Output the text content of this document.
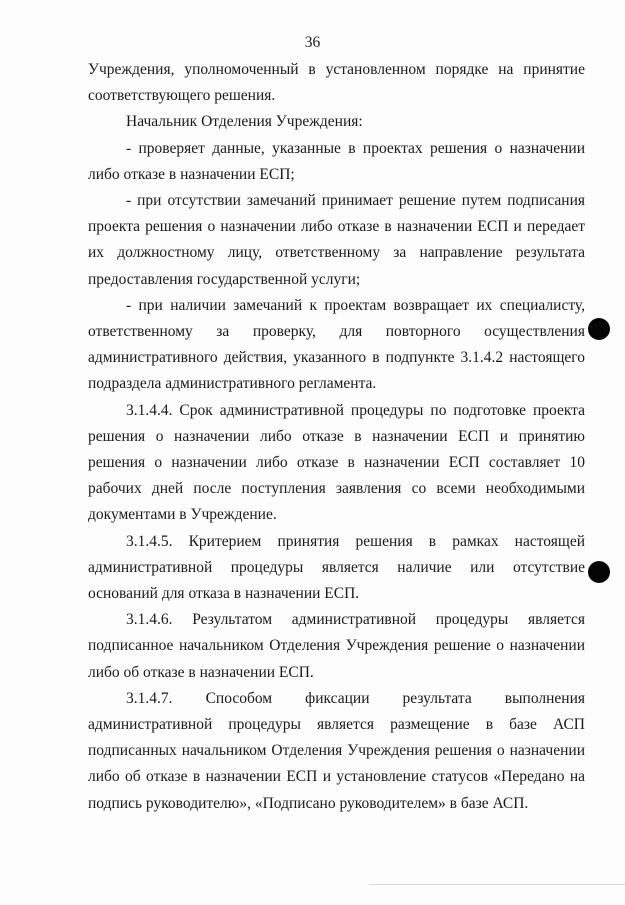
36

Учреждения, уполномоченный в установленном порядке на принятие соответствующего решения.

Начальник Отделения Учреждения:

- проверяет данные, указанные в проектах решения о назначении либо отказе в назначении ЕСП;

- при отсутствии замечаний принимает решение путем подписания проекта решения о назначении либо отказе в назначении ЕСП и передает их должностному лицу, ответственному за направление результата предоставления государственной услуги;

- при наличии замечаний к проектам возвращает их специалисту, ответственному за проверку, для повторного осуществления административного действия, указанного в подпункте 3.1.4.2 настоящего подраздела административного регламента.

3.1.4.4. Срок административной процедуры по подготовке проекта решения о назначении либо отказе в назначении ЕСП и принятию решения о назначении либо отказе в назначении ЕСП составляет 10 рабочих дней после поступления заявления со всеми необходимыми документами в Учреждение.

3.1.4.5. Критерием принятия решения в рамках настоящей административной процедуры является наличие или отсутствие оснований для отказа в назначении ЕСП.

3.1.4.6. Результатом административной процедуры является подписанное начальником Отделения Учреждения решение о назначении либо об отказе в назначении ЕСП.

3.1.4.7. Способом фиксации результата выполнения административной процедуры является размещение в базе АСП подписанных начальником Отделения Учреждения решения о назначении либо об отказе в назначении ЕСП и установление статусов «Передано на подпись руководителю», «Подписано руководителем» в базе АСП.
